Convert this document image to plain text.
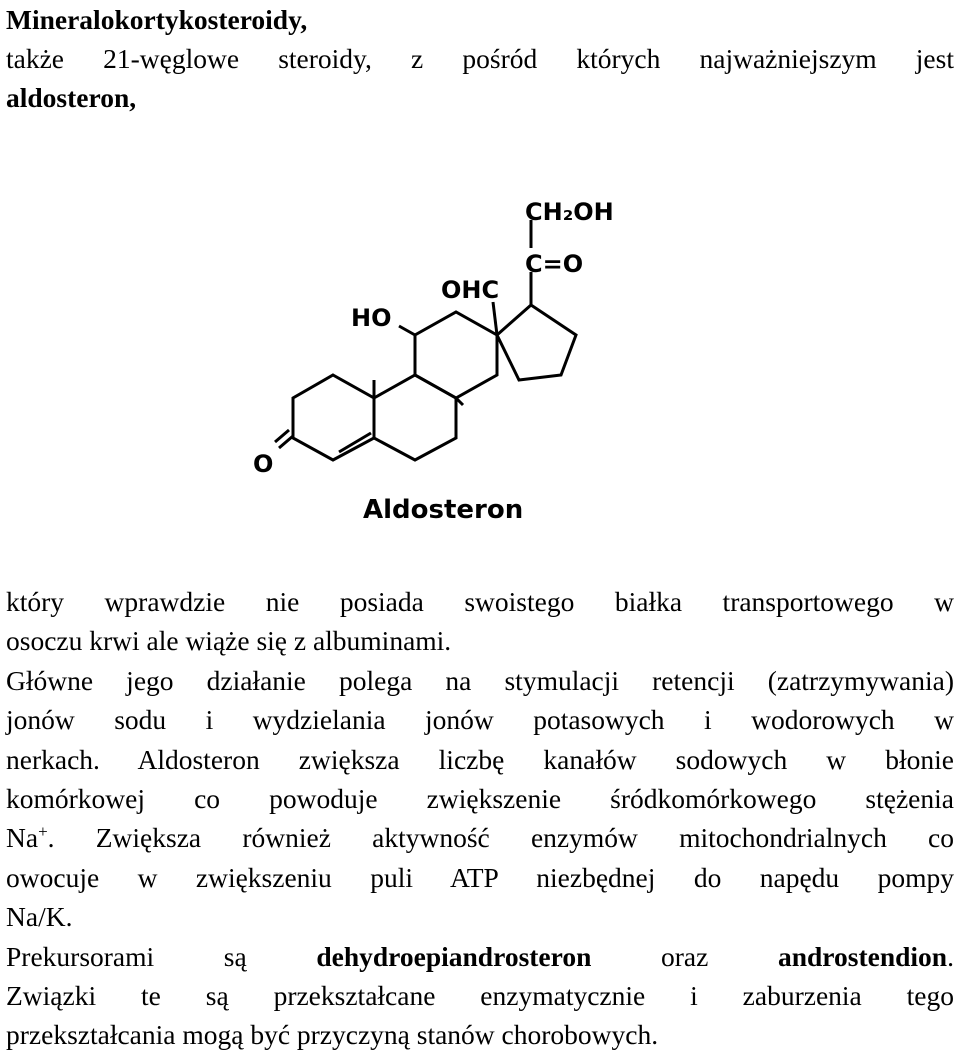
Mineralokortykosteroidy,
także 21-węglowe steroidy, z pośród których najważniejszym jest
aldosteron,
CH₂OH
C=O
OHC
HO
O
Aldosteron
który wprawdzie nie posiada swoistego białka transportowego w
osoczu krwi ale wiąże się z albuminami.
Główne jego działanie polega na stymulacji retencji (zatrzymywania)
jonów sodu i wydzielania jonów potasowych i wodorowych w
nerkach. Aldosteron zwiększa liczbę kanałów sodowych w błonie
komórkowej co powoduje zwiększenie śródkomórkowego stężenia
Na+. Zwiększa również aktywność enzymów mitochondrialnych co
owocuje w zwiększeniu puli ATP niezbędnej do napędu pompy
Na/K.
Prekursorami są dehydroepiandrosteron oraz androstendion.
Związki te są przekształcane enzymatycznie i zaburzenia tego
przekształcania mogą być przyczyną stanów chorobowych.
